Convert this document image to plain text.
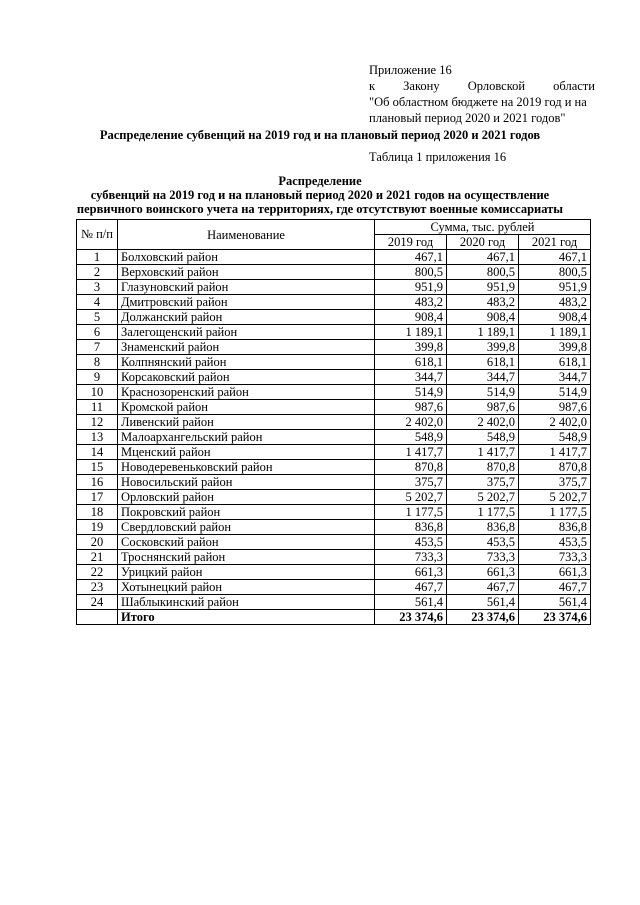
Приложение 16
к Закону Орловской области
"Об областном бюджете на 2019 год и на
плановый период 2020 и 2021 годов"
Распределение субвенций на 2019 год и на плановый период 2020 и 2021 годов
Таблица 1 приложения 16
Распределение
субвенций на 2019 год и на плановый период 2020 и 2021 годов на осуществление
первичного воинского учета на территориях, где отсутствуют военные комиссариаты
№ п/п	Наименование	Сумма, тыс. рублей		
		2019 год	2020 год	2021 год
1	Болховский район	467,1	467,1	467,1
2	Верховский район	800,5	800,5	800,5
3	Глазуновский район	951,9	951,9	951,9
4	Дмитровский район	483,2	483,2	483,2
5	Должанский район	908,4	908,4	908,4
6	Залегощенский район	1 189,1	1 189,1	1 189,1
7	Знаменский район	399,8	399,8	399,8
8	Колпнянский район	618,1	618,1	618,1
9	Корсаковский район	344,7	344,7	344,7
10	Краснозоренский район	514,9	514,9	514,9
11	Кромской район	987,6	987,6	987,6
12	Ливенский район	2 402,0	2 402,0	2 402,0
13	Малоархангельский район	548,9	548,9	548,9
14	Мценский район	1 417,7	1 417,7	1 417,7
15	Новодеревеньковский район	870,8	870,8	870,8
16	Новосильский район	375,7	375,7	375,7
17	Орловский район	5 202,7	5 202,7	5 202,7
18	Покровский район	1 177,5	1 177,5	1 177,5
19	Свердловский район	836,8	836,8	836,8
20	Сосковский район	453,5	453,5	453,5
21	Троснянский район	733,3	733,3	733,3
22	Урицкий район	661,3	661,3	661,3
23	Хотынецкий район	467,7	467,7	467,7
24	Шаблыкинский район	561,4	561,4	561,4
	Итого	23 374,6	23 374,6	23 374,6
